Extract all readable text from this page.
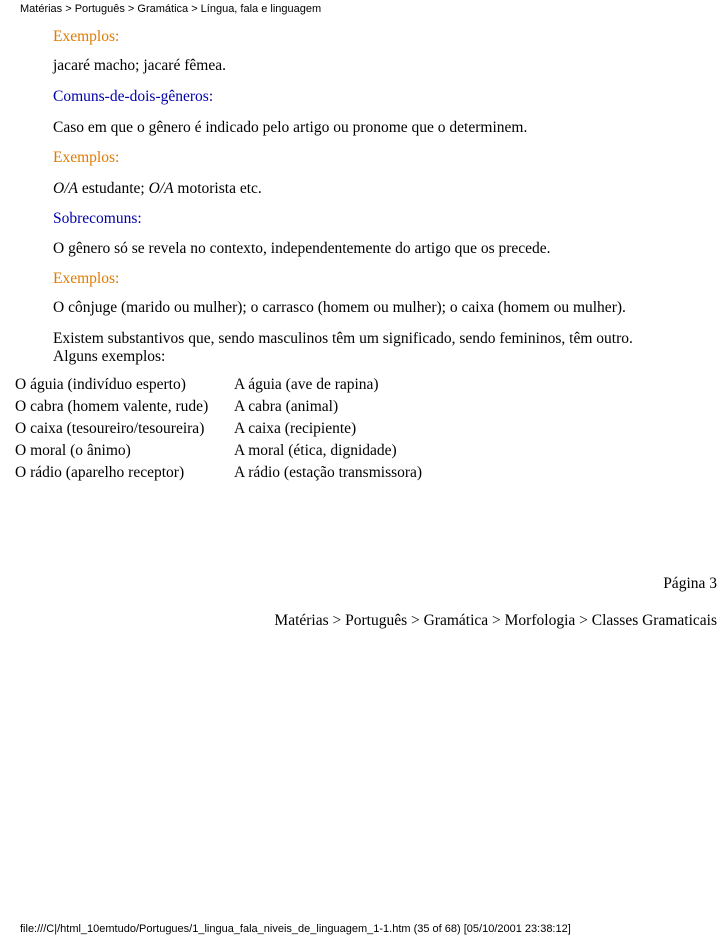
Matérias > Português > Gramática > Língua, fala e linguagem
Exemplos:
jacaré macho; jacaré fêmea.
Comuns-de-dois-gêneros:
Caso em que o gênero é indicado pelo artigo ou pronome que o determinem.
Exemplos:
O/A estudante; O/A motorista etc.
Sobrecomuns:
O gênero só se revela no contexto, independentemente do artigo que os precede.
Exemplos:
O cônjuge (marido ou mulher); o carrasco (homem ou mulher); o caixa (homem ou mulher).
Existem substantivos que, sendo masculinos têm um significado, sendo femininos, têm outro.
Alguns exemplos:
O águia (indivíduo esperto)	A águia (ave de rapina)
O cabra (homem valente, rude) A cabra (animal)
O caixa (tesoureiro/tesoureira) A caixa (recipiente)
O moral (o ânimo)	A moral (ética, dignidade)
O rádio (aparelho receptor)	A rádio (estação transmissora)
Página 3
Matérias > Português > Gramática > Morfologia > Classes Gramaticais
file:///C|/html_10emtudo/Portugues/1_lingua_fala_niveis_de_linguagem_1-1.htm (35 of 68) [05/10/2001 23:38:12]
